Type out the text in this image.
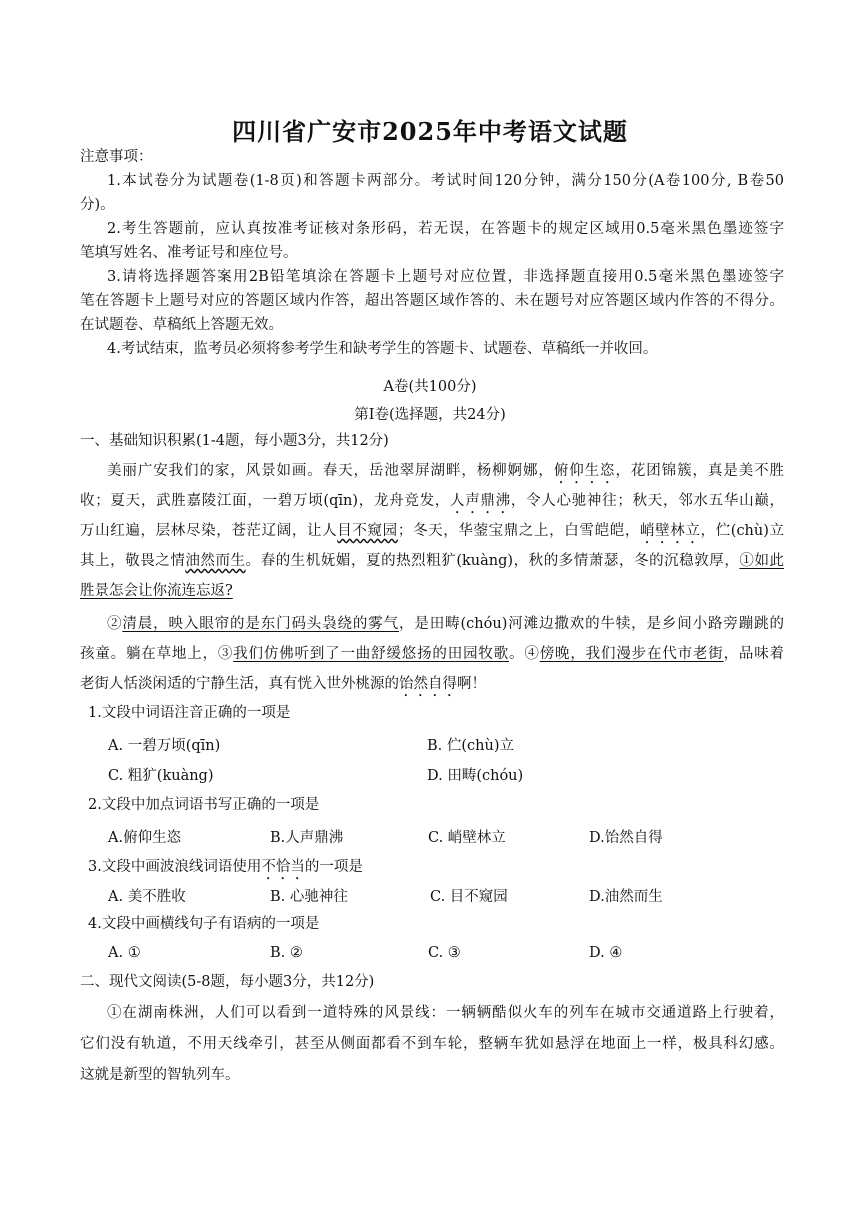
四川省广安市2025年中考语文试题
注意事项：
1.本试卷分为试题卷(1-8页)和答题卡两部分。考试时间120分钟，满分150分(A卷100分, B卷50
分)。
2.考生答题前，应认真按准考证核对条形码，若无误，在答题卡的规定区域用0.5毫米黑色墨迹签字
笔填写姓名、准考证号和座位号。
3.请将选择题答案用2B铅笔填涂在答题卡上题号对应位置，非选择题直接用0.5毫米黑色墨迹签字
笔在答题卡上题号对应的答题区域内作答，超出答题区域作答的、未在题号对应答题区域内作答的不得分。
在试题卷、草稿纸上答题无效。
4.考试结束，监考员必须将参考学生和缺考学生的答题卡、试题卷、草稿纸一并收回。
A卷(共100分)
第Ⅰ卷(选择题，共24分)
一、基础知识积累(1-4题，每小题3分，共12分)
美丽广安我们的家，风景如画。春天，岳池翠屏湖畔，杨柳婀娜，俯仰生恣，花团锦簇，真是美不胜
收；夏天，武胜嘉陵江面，一碧万顷(qīn)，龙舟竞发，人声鼎沸，令人心驰神往；秋天，邻水五华山巅，
万山红遍，层林尽染，苍茫辽阔，让人目不窥园；冬天，华蓥宝鼎之上，白雪皑皑，峭壁林立，伫(chù)立
其上，敬畏之情油然而生。春的生机妩媚，夏的热烈粗犷(kuàng)，秋的多情萧瑟，冬的沉稳敦厚，①如此
胜景怎会让你流连忘返?
②清晨，映入眼帘的是东门码头袅绕的雾气，是田畴(chóu)河滩边撒欢的牛犊，是乡间小路旁蹦跳的
孩童。躺在草地上，③我们仿佛听到了一曲舒缓悠扬的田园牧歌。④傍晚，我们漫步在代市老街，品味着
老街人恬淡闲适的宁静生活，真有恍入世外桃源的饴然自得啊！
1.文段中词语注音正确的一项是
A. 一碧万顷(qīn)	B. 伫(chù)立
C. 粗犷(kuàng)	D. 田畴(chóu)
2.文段中加点词语书写正确的一项是
A.俯仰生恣	B.人声鼎沸	C. 峭壁林立	D.饴然自得
3.文段中画波浪线词语使用不恰当的一项是
A. 美不胜收	B. 心驰神往	C. 目不窥园	D.油然而生
4.文段中画横线句子有语病的一项是
A. ①	B. ②	C. ③	D. ④
二、现代文阅读(5-8题，每小题3分，共12分)
①在湖南株洲，人们可以看到一道特殊的风景线：一辆辆酷似火车的列车在城市交通道路上行驶着，
它们没有轨道，不用天线牵引，甚至从侧面都看不到车轮，整辆车犹如悬浮在地面上一样，极具科幻感。
这就是新型的智轨列车。
